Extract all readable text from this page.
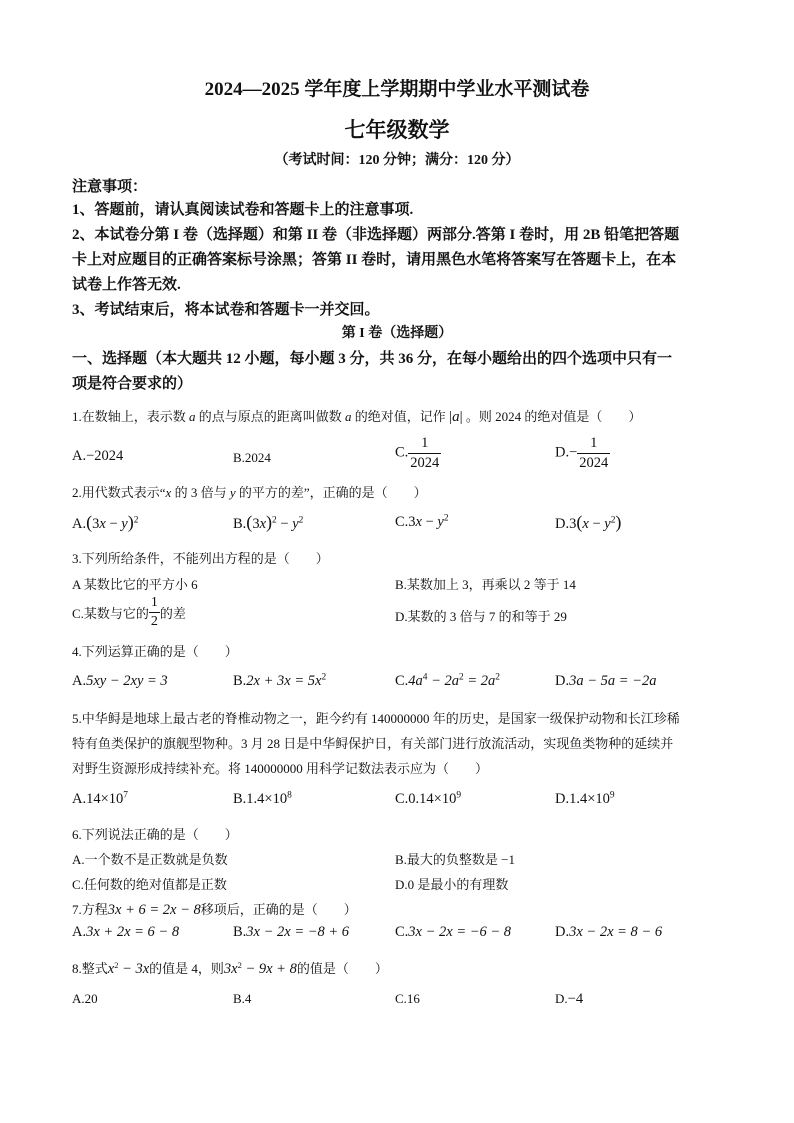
2024—2025 学年度上学期期中学业水平测试卷
七年级数学
（考试时间：120 分钟；满分：120 分）
注意事项：
1、答题前，请认真阅读试卷和答题卡上的注意事项.
2、本试卷分第 I 卷（选择题）和第 II 卷（非选择题）两部分.答第 I 卷时，用 2B 铅笔把答题
卡上对应题目的正确答案标号涂黑；答第 II 卷时，请用黑色水笔将答案写在答题卡上，在本
试卷上作答无效.
3、考试结束后，将本试卷和答题卡一并交回。
第 I 卷（选择题）
一、选择题（本大题共 12 小题，每小题 3 分，共 36 分，在每小题给出的四个选项中只有一
项是符合要求的）
1.在数轴上，表示数 a 的点与原点的距离叫做数 a 的绝对值，记作 |a| 。则 2024 的绝对值是（　　）
A.−2024	B.2024	C. $\frac{1}{2024}$	$D.- \frac{1}{2024}$
2.用代数式表示“x 的 3 倍与 y 的平方的差”，正确的是（　　）
$A.(3x - y)^2$	$B.(3x)^2 - y^2$	$C.3x - y^2$	$D.3(x - y^2)$
3.下列所给条件，不能列出方程的是（　　）
A 某数比它的平方小 6	B.某数加上 3，再乘以 2 等于 14
C.某数与它的 $\frac{1}{2}$ 的差	D.某数的 3 倍与 7 的和等于 29
4.下列运算正确的是（　　）
A.5xy − 2xy = 3	$B.2x + 3x = 5x^2$	$C.4a^4 - 2a^2 = 2a^2$	D.3a − 5a = −2a
5.中华鲟是地球上最古老的脊椎动物之一，距今约有 140000000 年的历史，是国家一级保护动物和长江珍稀
特有鱼类保护的旗舰型物种。3 月 28 日是中华鲟保护日，有关部门进行放流活动，实现鱼类物种的延续并
对野生资源形成持续补充。将 140000000 用科学记数法表示应为（　　）
$A.14\times 10^7$	$B.1.4\times 10^8$	$C.0.14\times 10^9$	$D.1.4\times 10^9$
6.下列说法正确的是（　　）
A.一个数不是正数就是负数	B.最大的负整数是 −1
C.任何数的绝对值都是正数	D.0 是最小的有理数
7.方程3x + 6 = 2x − 8移项后，正确的是（　　）
A.3x + 2x = 6 − 8	B.3x − 2x = −8 + 6	C.3x − 2x = −6 − 8	D.3x − 2x = 8 − 6
8.整式$x^2 - 3x$的值是 4，则$3x^2 - 9x + 8$的值是（　　）
A.20	B.4	C.16	D.−4
